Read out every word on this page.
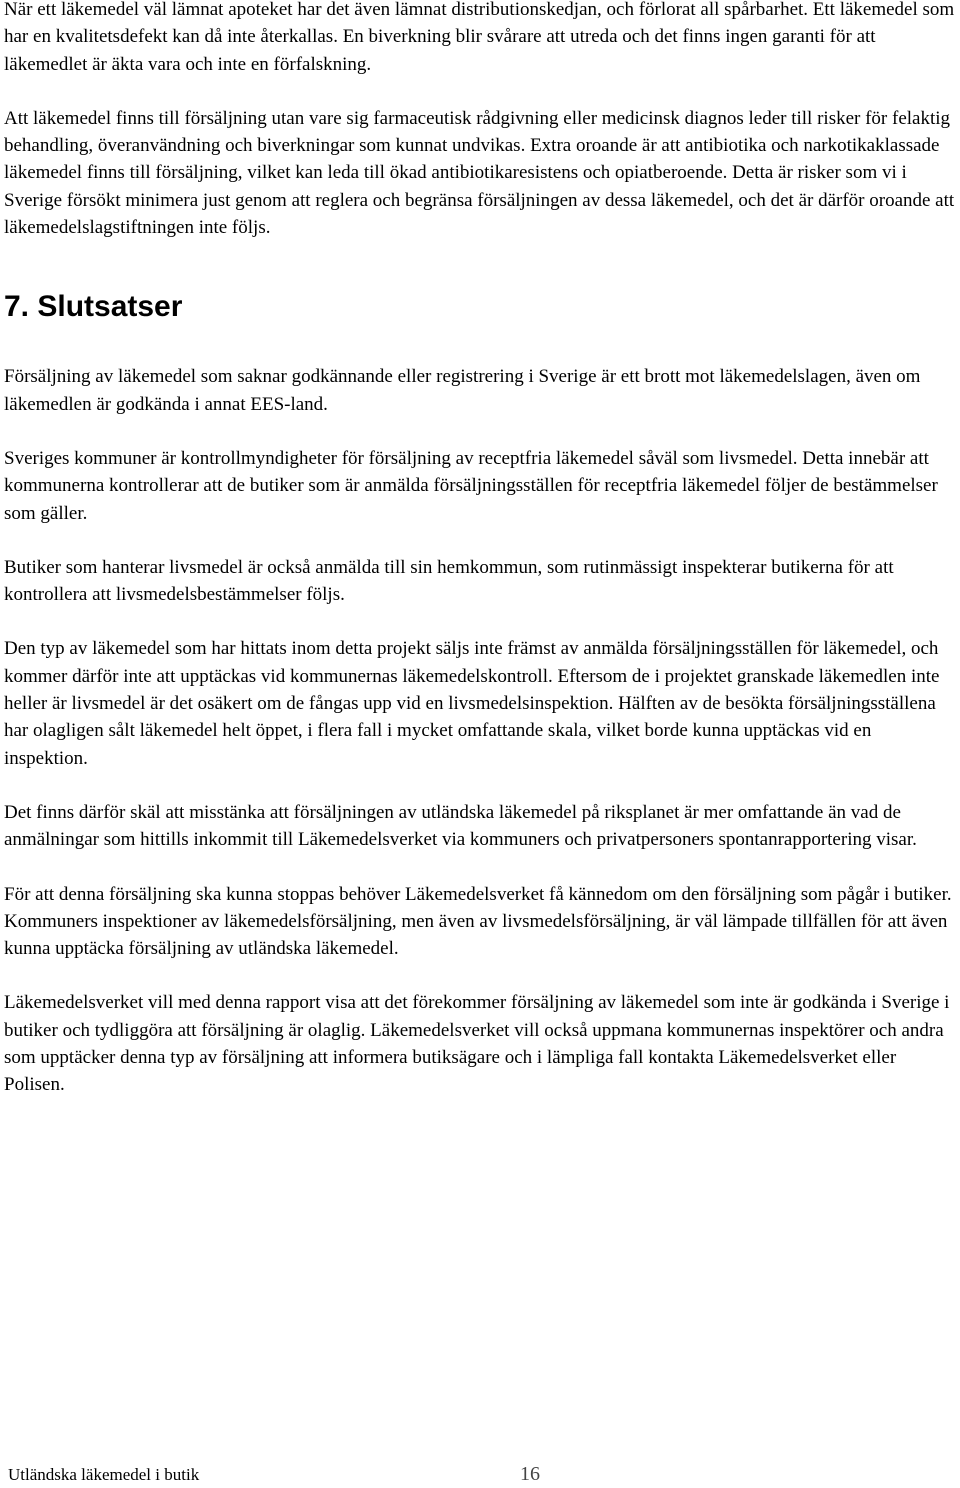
När ett läkemedel väl lämnat apoteket har det även lämnat distributionskedjan, och förlorat all spårbarhet. Ett läkemedel som har en kvalitetsdefekt kan då inte återkallas. En biverkning blir svårare att utreda och det finns ingen garanti för att läkemedlet är äkta vara och inte en förfalskning.

Att läkemedel finns till försäljning utan vare sig farmaceutisk rådgivning eller medicinsk diagnos leder till risker för felaktig behandling, överanvändning och biverkningar som kunnat undvikas. Extra oroande är att antibiotika och narkotikaklassade läkemedel finns till försäljning, vilket kan leda till ökad antibiotikaresistens och opiatberoende. Detta är risker som vi i Sverige försökt minimera just genom att reglera och begränsa försäljningen av dessa läkemedel, och det är därför oroande att läkemedelslagstiftningen inte följs.

7. Slutsatser

Försäljning av läkemedel som saknar godkännande eller registrering i Sverige är ett brott mot läkemedelslagen, även om läkemedlen är godkända i annat EES-land.

Sveriges kommuner är kontrollmyndigheter för försäljning av receptfria läkemedel såväl som livsmedel. Detta innebär att kommunerna kontrollerar att de butiker som är anmälda försäljningsställen för receptfria läkemedel följer de bestämmelser som gäller.

Butiker som hanterar livsmedel är också anmälda till sin hemkommun, som rutinmässigt inspekterar butikerna för att kontrollera att livsmedelsbestämmelser följs.

Den typ av läkemedel som har hittats inom detta projekt säljs inte främst av anmälda försäljningsställen för läkemedel, och kommer därför inte att upptäckas vid kommunernas läkemedelskontroll. Eftersom de i projektet granskade läkemedlen inte heller är livsmedel är det osäkert om de fångas upp vid en livsmedelsinspektion. Hälften av de besökta försäljningsställena har olagligen sålt läkemedel helt öppet, i flera fall i mycket omfattande skala, vilket borde kunna upptäckas vid en inspektion.

Det finns därför skäl att misstänka att försäljningen av utländska läkemedel på riksplanet är mer omfattande än vad de anmälningar som hittills inkommit till Läkemedelsverket via kommuners och privatpersoners spontanrapportering visar.

För att denna försäljning ska kunna stoppas behöver Läkemedelsverket få kännedom om den försäljning som pågår i butiker. Kommuners inspektioner av läkemedelsförsäljning, men även av livsmedelsförsäljning, är väl lämpade tillfällen för att även kunna upptäcka försäljning av utländska läkemedel.

Läkemedelsverket vill med denna rapport visa att det förekommer försäljning av läkemedel som inte är godkända i Sverige i butiker och tydliggöra att försäljning är olaglig. Läkemedelsverket vill också uppmana kommunernas inspektörer och andra som upptäcker denna typ av försäljning att informera butiksägare och i lämpliga fall kontakta Läkemedelsverket eller Polisen.

Utländska läkemedel i butik	16
